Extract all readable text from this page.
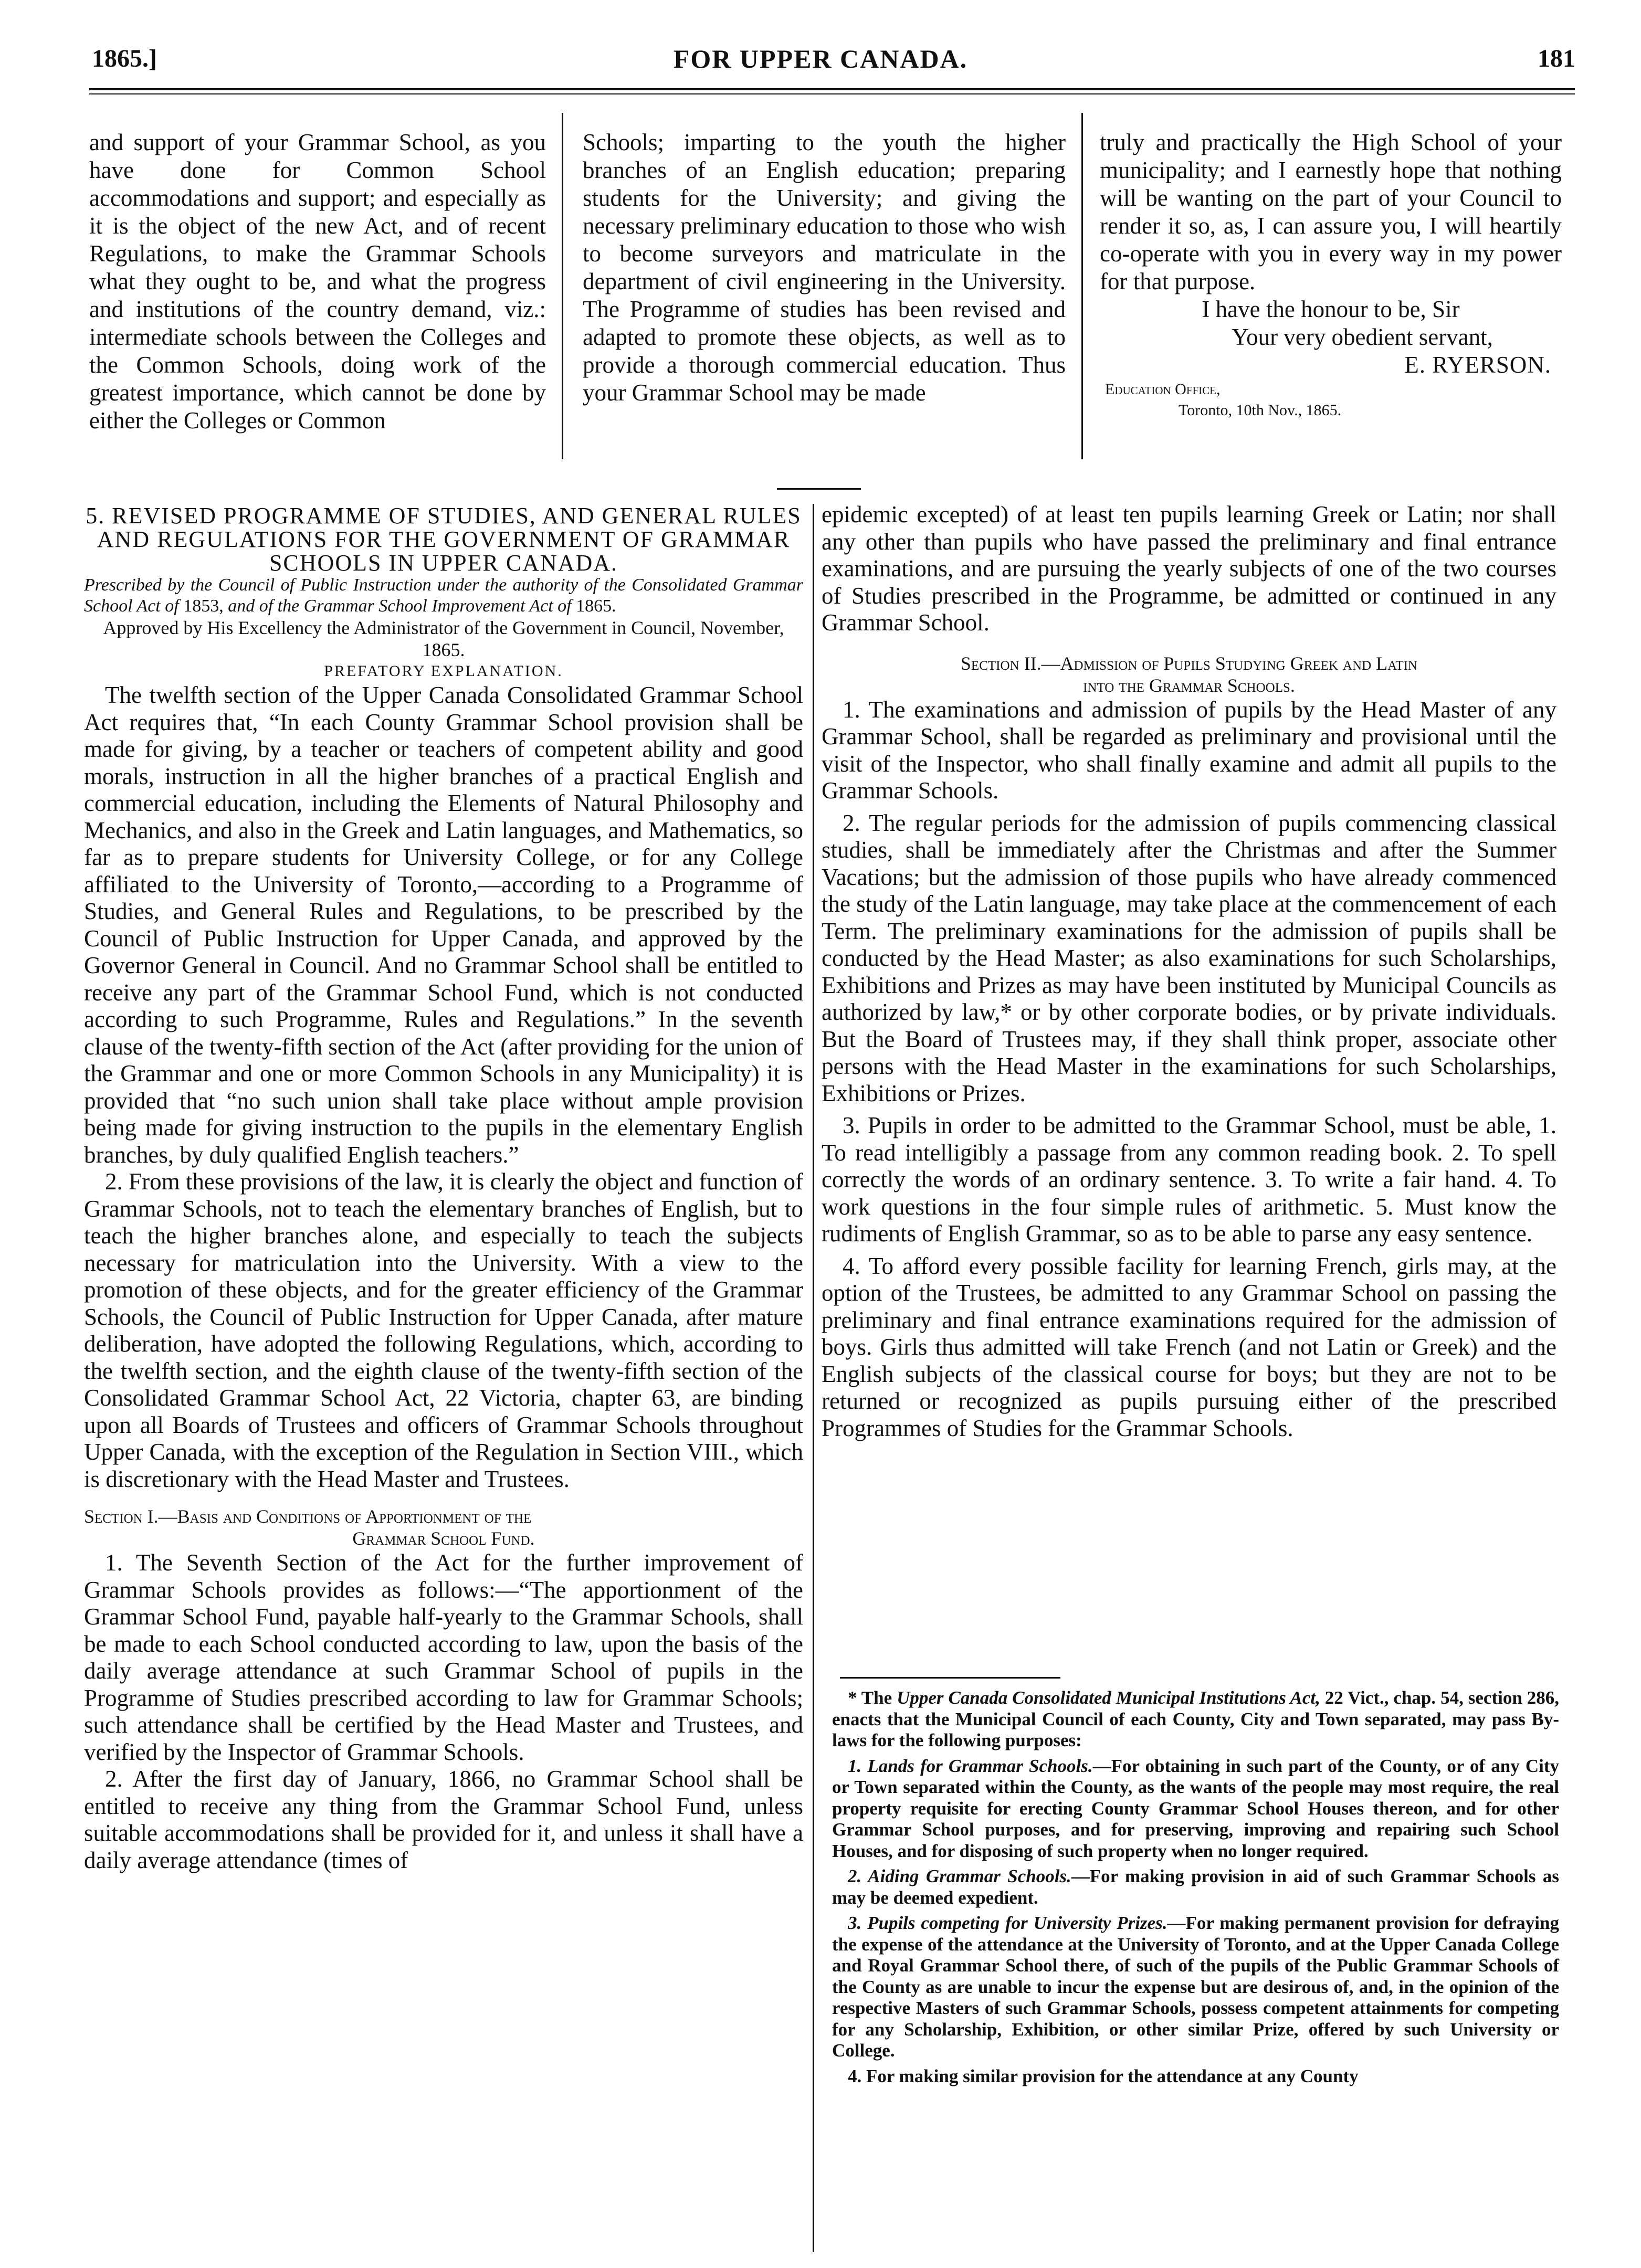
1865.]	FOR UPPER CANADA.	181

and support of your Grammar School, as you have done for Common School accommodations and support; and especially as it is the object of the new Act, and of recent Regulations, to make the Grammar Schools what they ought to be, and what the progress and institutions of the country demand, viz.: intermediate schools between the Colleges and the Common Schools, doing work of the greatest importance, which cannot be done by either the Colleges or Common

Schools; imparting to the youth the higher branches of an English education; preparing students for the University; and giving the necessary preliminary education to those who wish to become surveyors and matriculate in the department of civil engineering in the University. The Programme of studies has been revised and adapted to promote these objects, as well as to provide a thorough commercial education. Thus your Grammar School may be made

truly and practically the High School of your municipality; and I earnestly hope that nothing will be wanting on the part of your Council to render it so, as, I can assure you, I will heartily co-operate with you in every way in my power for that purpose.

I have the honour to be, Sir

Your very obedient servant,

E. RYERSON.

Education Office,

Toronto, 10th Nov., 1865.

5. REVISED PROGRAMME OF STUDIES, AND GENERAL RULES AND REGULATIONS FOR THE GOVERNMENT OF GRAMMAR SCHOOLS IN UPPER CANADA.

Prescribed by the Council of Public Instruction under the authority of the Consolidated Grammar School Act of 1853, and of the Grammar School Improvement Act of 1865.

Approved by His Excellency the Administrator of the Government in Council, November, 1865.

PREFATORY EXPLANATION.

The twelfth section of the Upper Canada Consolidated Grammar School Act requires that, “In each County Grammar School provision shall be made for giving, by a teacher or teachers of competent ability and good morals, instruction in all the higher branches of a practical English and commercial education, including the Elements of Natural Philosophy and Mechanics, and also in the Greek and Latin languages, and Mathematics, so far as to prepare students for University College, or for any College affiliated to the University of Toronto,—according to a Programme of Studies, and General Rules and Regulations, to be prescribed by the Council of Public Instruction for Upper Canada, and approved by the Governor General in Council. And no Grammar School shall be entitled to receive any part of the Grammar School Fund, which is not conducted according to such Programme, Rules and Regulations.” In the seventh clause of the twenty-fifth section of the Act (after providing for the union of the Grammar and one or more Common Schools in any Municipality) it is provided that “no such union shall take place without ample provision being made for giving instruction to the pupils in the elementary English branches, by duly qualified English teachers.”

2. From these provisions of the law, it is clearly the object and function of Grammar Schools, not to teach the elementary branches of English, but to teach the higher branches alone, and especially to teach the subjects necessary for matriculation into the University. With a view to the promotion of these objects, and for the greater efficiency of the Grammar Schools, the Council of Public Instruction for Upper Canada, after mature deliberation, have adopted the following Regulations, which, according to the twelfth section, and the eighth clause of the twenty-fifth section of the Consolidated Grammar School Act, 22 Victoria, chapter 63, are binding upon all Boards of Trustees and officers of Grammar Schools throughout Upper Canada, with the exception of the Regulation in Section VIII., which is discretionary with the Head Master and Trustees.

Section I.—Basis and Conditions of Apportionment of the

Grammar School Fund.

1. The Seventh Section of the Act for the further improvement of Grammar Schools provides as follows:—“The apportionment of the Grammar School Fund, payable half-yearly to the Grammar Schools, shall be made to each School conducted according to law, upon the basis of the daily average attendance at such Grammar School of pupils in the Programme of Studies prescribed according to law for Grammar Schools; such attendance shall be certified by the Head Master and Trustees, and verified by the Inspector of Grammar Schools.

2. After the first day of January, 1866, no Grammar School shall be entitled to receive any thing from the Grammar School Fund, unless suitable accommodations shall be provided for it, and unless it shall have a daily average attendance (times of

epidemic excepted) of at least ten pupils learning Greek or Latin; nor shall any other than pupils who have passed the preliminary and final entrance examinations, and are pursuing the yearly subjects of one of the two courses of Studies prescribed in the Programme, be admitted or continued in any Grammar School.

Section II.—Admission of Pupils Studying Greek and Latin

into the Grammar Schools.

1. The examinations and admission of pupils by the Head Master of any Grammar School, shall be regarded as preliminary and provisional until the visit of the Inspector, who shall finally examine and admit all pupils to the Grammar Schools.

2. The regular periods for the admission of pupils commencing classical studies, shall be immediately after the Christmas and after the Summer Vacations; but the admission of those pupils who have already commenced the study of the Latin language, may take place at the commencement of each Term. The preliminary examinations for the admission of pupils shall be conducted by the Head Master; as also examinations for such Scholarships, Exhibitions and Prizes as may have been instituted by Municipal Councils as authorized by law,* or by other corporate bodies, or by private individuals. But the Board of Trustees may, if they shall think proper, associate other persons with the Head Master in the examinations for such Scholarships, Exhibitions or Prizes.

3. Pupils in order to be admitted to the Grammar School, must be able, 1. To read intelligibly a passage from any common reading book. 2. To spell correctly the words of an ordinary sentence. 3. To write a fair hand. 4. To work questions in the four simple rules of arithmetic. 5. Must know the rudiments of English Grammar, so as to be able to parse any easy sentence.

4. To afford every possible facility for learning French, girls may, at the option of the Trustees, be admitted to any Grammar School on passing the preliminary and final entrance examinations required for the admission of boys. Girls thus admitted will take French (and not Latin or Greek) and the English subjects of the classical course for boys; but they are not to be returned or recognized as pupils pursuing either of the prescribed Programmes of Studies for the Grammar Schools.

* The Upper Canada Consolidated Municipal Institutions Act, 22 Vict., chap. 54, section 286, enacts that the Municipal Council of each County, City and Town separated, may pass By-laws for the following purposes:

1. Lands for Grammar Schools.—For obtaining in such part of the County, or of any City or Town separated within the County, as the wants of the people may most require, the real property requisite for erecting County Grammar School Houses thereon, and for other Grammar School purposes, and for preserving, improving and repairing such School Houses, and for disposing of such property when no longer required.

2. Aiding Grammar Schools.—For making provision in aid of such Grammar Schools as may be deemed expedient.

3. Pupils competing for University Prizes.—For making permanent provision for defraying the expense of the attendance at the University of Toronto, and at the Upper Canada College and Royal Grammar School there, of such of the pupils of the Public Grammar Schools of the County as are unable to incur the expense but are desirous of, and, in the opinion of the respective Masters of such Grammar Schools, possess competent attainments for competing for any Scholarship, Exhibition, or other similar Prize, offered by such University or College.

4. For making similar provision for the attendance at any County
